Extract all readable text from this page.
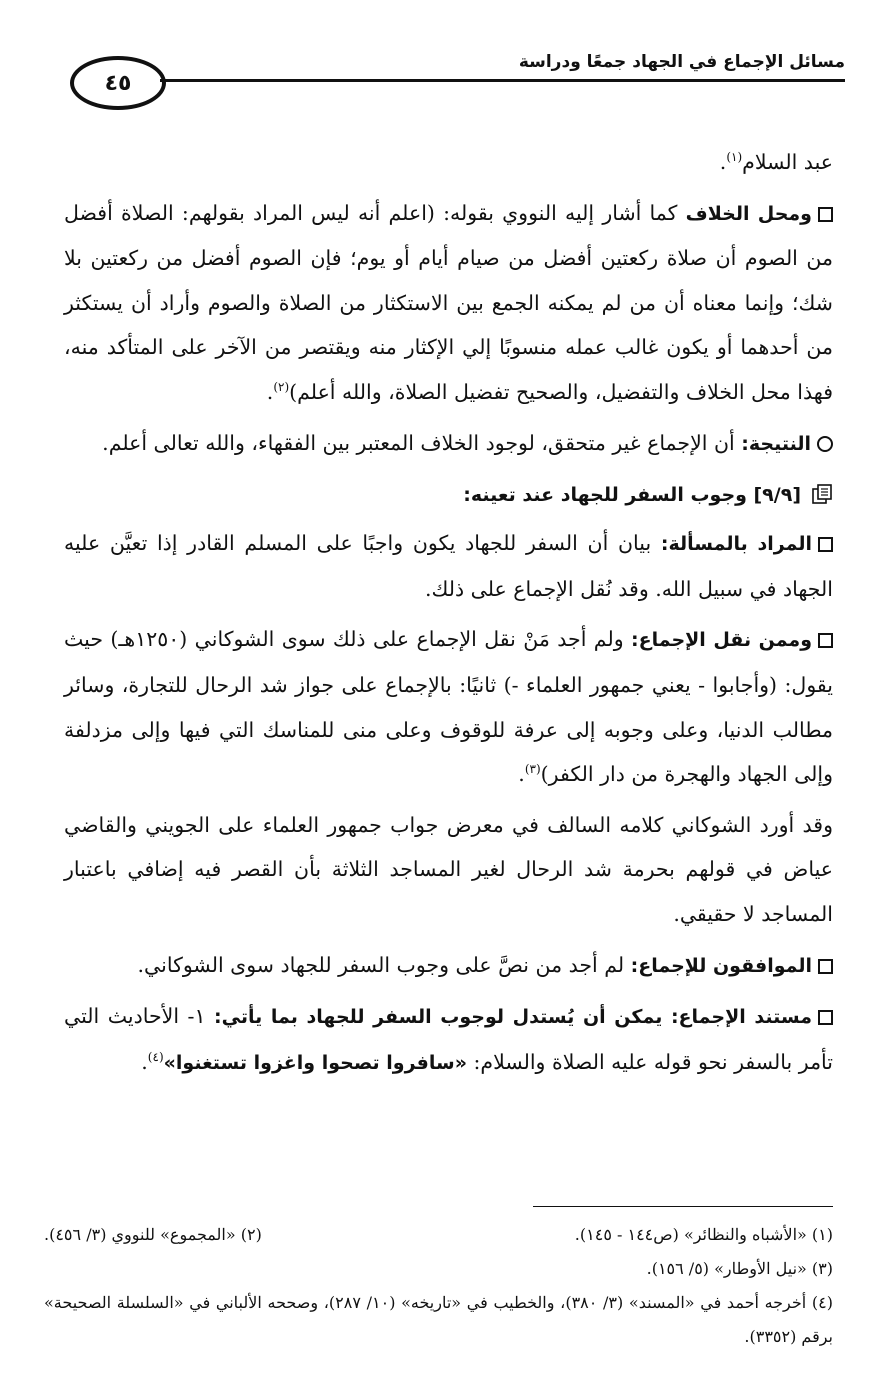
مسائل الإجماع في الجهاد جمعًا ودراسة
٤٥

عبد السلام$^{(١)}$.

ومحل الخلاف كما أشار إليه النووي بقوله: (اعلم أنه ليس المراد بقولهم: الصلاة أفضل من الصوم أن صلاة ركعتين أفضل من صيام أيام أو يوم؛ فإن الصوم أفضل من ركعتين بلا شك؛ وإنما معناه أن من لم يمكنه الجمع بين الاستكثار من الصلاة والصوم وأراد أن يستكثر من أحدهما أو يكون غالب عمله منسوبًا إلي الإكثار منه ويقتصر من الآخر على المتأكد منه، فهذا محل الخلاف والتفضيل، والصحيح تفضيل الصلاة، والله أعلم)$^{(٢)}$.

النتيجة: أن الإجماع غير متحقق، لوجود الخلاف المعتبر بين الفقهاء، والله تعالى أعلم.

[٩/٩] وجوب السفر للجهاد عند تعينه:

المراد بالمسألة: بيان أن السفر للجهاد يكون واجبًا على المسلم القادر إذا تعيَّن عليه الجهاد في سبيل الله. وقد نُقل الإجماع على ذلك.

وممن نقل الإجماع: ولم أجد مَنْ نقل الإجماع على ذلك سوى الشوكاني (١٢٥٠هـ) حيث يقول: (وأجابوا - يعني جمهور العلماء -) ثانيًا: بالإجماع على جواز شد الرحال للتجارة، وسائر مطالب الدنيا، وعلى وجوبه إلى عرفة للوقوف وعلى منى للمناسك التي فيها وإلى مزدلفة وإلى الجهاد والهجرة من دار الكفر)$^{(٣)}$.

وقد أورد الشوكاني كلامه السالف في معرض جواب جمهور العلماء على الجويني والقاضي عياض في قولهم بحرمة شد الرحال لغير المساجد الثلاثة بأن القصر فيه إضافي باعتبار المساجد لا حقيقي.

الموافقون للإجماع: لم أجد من نصَّ على وجوب السفر للجهاد سوى الشوكاني.

مستند الإجماع: يمكن أن يُستدل لوجوب السفر للجهاد بما يأتي: ١- الأحاديث التي تأمر بالسفر نحو قوله عليه الصلاة والسلام: «سافروا تصحوا واغزوا تستغنوا»$^{(٤)}$.

(١) «الأشباه والنظائر» (ص١٤٤ - ١٤٥).
(٢) «المجموع» للنووي (٣/ ٤٥٦).
(٣) «نيل الأوطار» (٥/ ١٥٦).
(٤) أخرجه أحمد في «المسند» (٣/ ٣٨٠)، والخطيب في «تاريخه» (١٠/ ٢٨٧)، وصححه الألباني في «السلسلة الصحيحة» برقم (٣٣٥٢).
